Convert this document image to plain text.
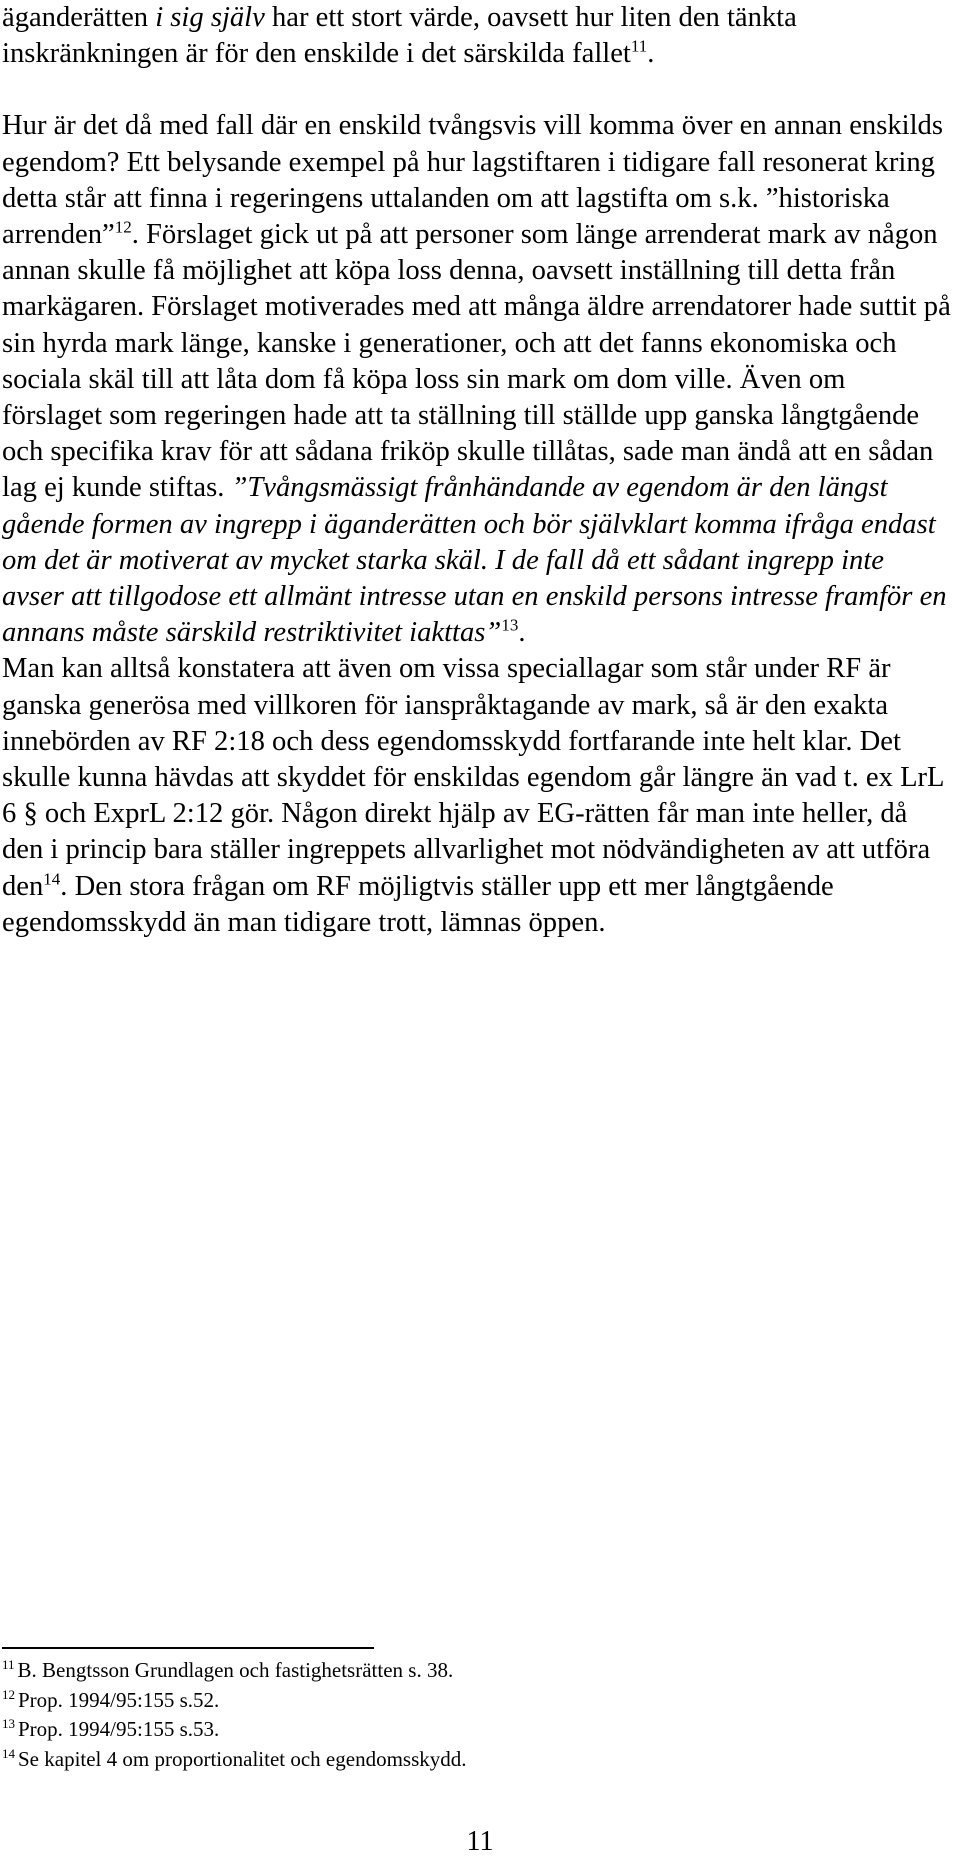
äganderätten i sig själv har ett stort värde, oavsett hur liten den tänkta inskränkningen är för den enskilde i det särskilda fallet$^{11}$.

Hur är det då med fall där en enskild tvångsvis vill komma över en annan enskilds egendom? Ett belysande exempel på hur lagstiftaren i tidigare fall resonerat kring detta står att finna i regeringens uttalanden om att lagstifta om s.k. ”historiska arrenden”$^{12}$. Förslaget gick ut på att personer som länge arrenderat mark av någon annan skulle få möjlighet att köpa loss denna, oavsett inställning till detta från markägaren. Förslaget motiverades med att många äldre arrendatorer hade suttit på sin hyrda mark länge, kanske i generationer, och att det fanns ekonomiska och sociala skäl till att låta dom få köpa loss sin mark om dom ville. Även om förslaget som regeringen hade att ta ställning till ställde upp ganska långtgående och specifika krav för att sådana friköp skulle tillåtas, sade man ändå att en sådan lag ej kunde stiftas. ”Tvångsmässigt frånhändande av egendom är den längst gående formen av ingrepp i äganderätten och bör självklart komma ifråga endast om det är motiverat av mycket starka skäl. I de fall då ett sådant ingrepp inte avser att tillgodose ett allmänt intresse utan en enskild persons intresse framför en annans måste särskild restriktivitet iakttas”$^{13}$.

Man kan alltså konstatera att även om vissa speciallagar som står under RF är ganska generösa med villkoren för ianspråktagande av mark, så är den exakta innebörden av RF 2:18 och dess egendomsskydd fortfarande inte helt klar. Det skulle kunna hävdas att skyddet för enskildas egendom går längre än vad t. ex LrL 6 § och ExprL 2:12 gör. Någon direkt hjälp av EG-rätten får man inte heller, då den i princip bara ställer ingreppets allvarlighet mot nödvändigheten av att utföra den$^{14}$. Den stora frågan om RF möjligtvis ställer upp ett mer långtgående egendomsskydd än man tidigare trott, lämnas öppen.

$^{11}$ B. Bengtsson Grundlagen och fastighetsrätten s. 38.

$^{12}$ Prop. 1994/95:155 s.52.

$^{13}$ Prop. 1994/95:155 s.53.

$^{14}$ Se kapitel 4 om proportionalitet och egendomsskydd.

11
